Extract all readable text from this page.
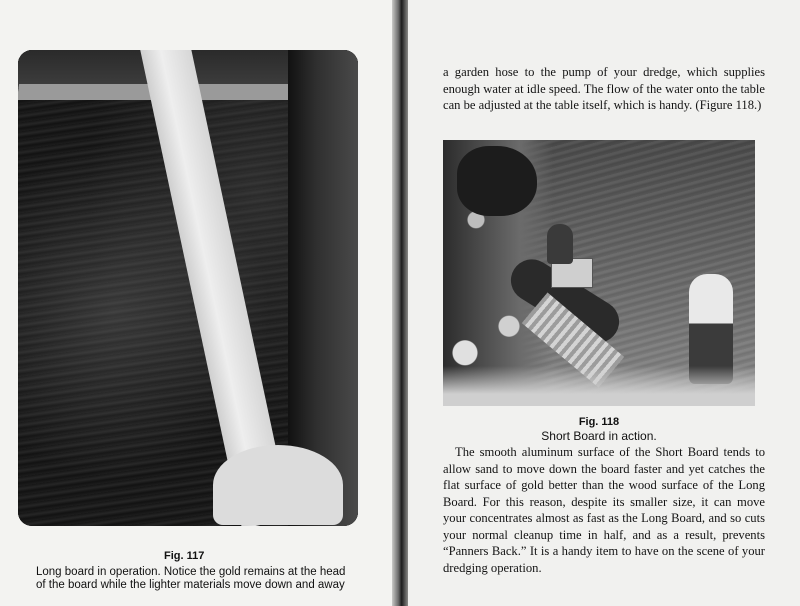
Fig. 117
Long board in operation. Notice the gold remains at the head of the board while the lighter materials move down and away
a garden hose to the pump of your dredge, which supplies enough water at idle speed. The flow of the water onto the table can be adjusted at the table itself, which is handy. (Figure 118.)
Fig. 118
Short Board in action.
The smooth aluminum surface of the Short Board tends to allow sand to move down the board faster and yet catches the flat surface of gold better than the wood surface of the Long Board. For this reason, despite its smaller size, it can move your concentrates almost as fast as the Long Board, and so cuts your normal cleanup time in half, and as a result, prevents “Panners Back.” It is a handy item to have on the scene of your dredging operation.
